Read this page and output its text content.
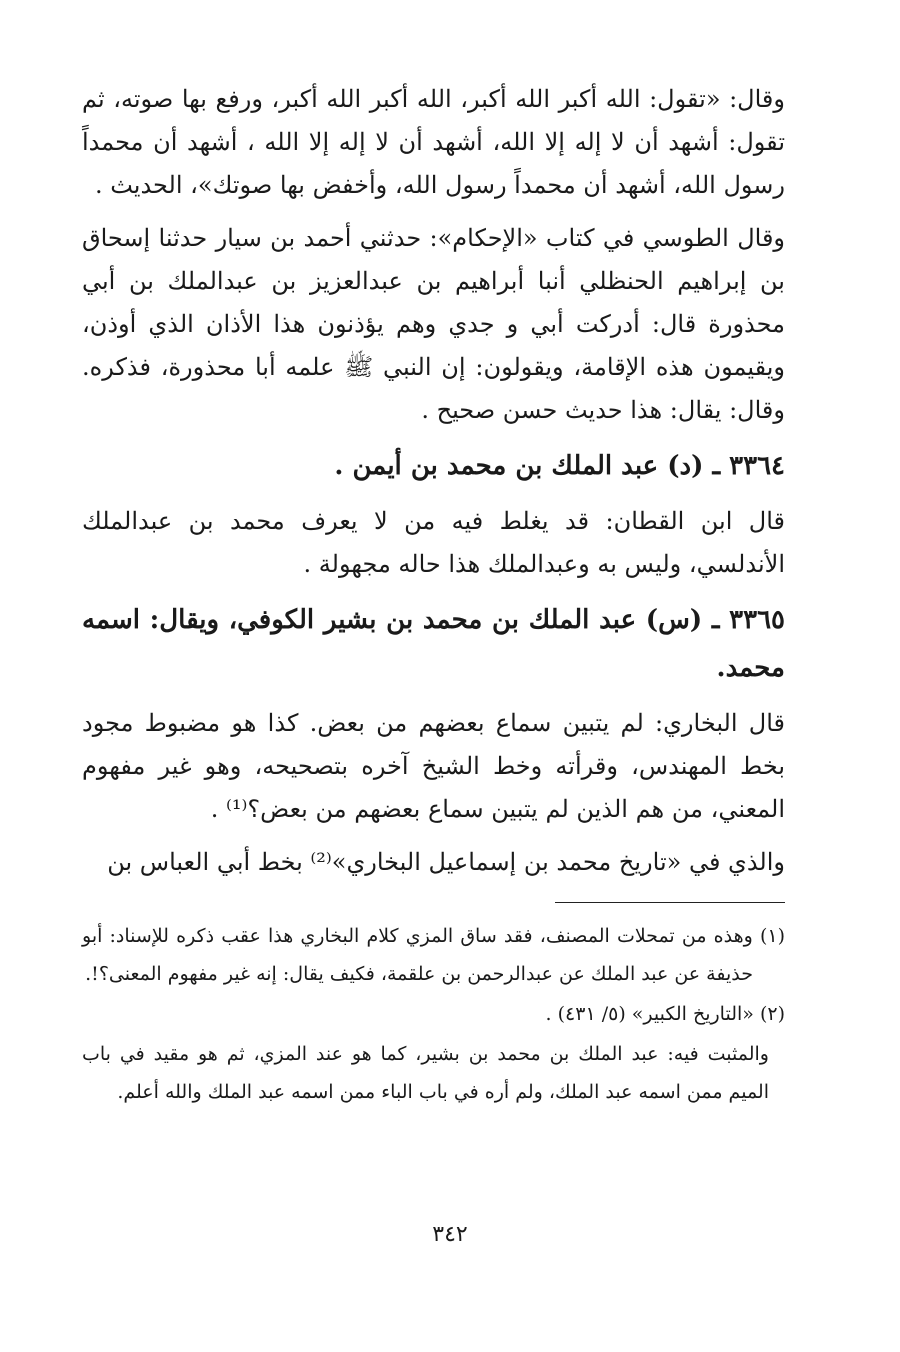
وقال: «تقول: الله أكبر الله أكبر، الله أكبر الله أكبر، ورفع بها صوته، ثم تقول: أشهد أن لا إله إلا الله، أشهد أن لا إله إلا الله ، أشهد أن محمداً رسول الله، أشهد أن محمداً رسول الله، وأخفض بها صوتك»، الحديث .

وقال الطوسي في كتاب «الإحكام»: حدثني أحمد بن سيار حدثنا إسحاق بن إبراهيم الحنظلي أنبا أبراهيم بن عبدالعزيز بن عبدالملك بن أبي محذورة قال: أدركت أبي و جدي وهم يؤذنون هذا الأذان الذي أوذن، ويقيمون هذه الإقامة، ويقولون: إن النبي ﷺ علمه أبا محذورة، فذكره. وقال: يقال: هذا حديث حسن صحيح .

٣٣٦٤ ـ (د) عبد الملك بن محمد بن أيمن .

قال ابن القطان: قد يغلط فيه من لا يعرف محمد بن عبدالملك الأندلسي، وليس به وعبدالملك هذا حاله مجهولة .

٣٣٦٥ ـ (س) عبد الملك بن محمد بن بشير الكوفي، ويقال: اسمه محمد.

قال البخاري: لم يتبين سماع بعضهم من بعض. كذا هو مضبوط مجود بخط المهندس، وقرأته وخط الشيخ آخره بتصحيحه، وهو غير مفهوم المعني، من هم الذين لم يتبين سماع بعضهم من بعض؟⁽¹⁾ .

والذي في «تاريخ محمد بن إسماعيل البخاري»⁽²⁾ بخط أبي العباس بن

(١) وهذه من تمحلات المصنف، فقد ساق المزي كلام البخاري هذا عقب ذكره للإسناد: أبو حذيفة عن عبد الملك عن عبدالرحمن بن علقمة، فكيف يقال: إنه غير مفهوم المعنى؟!.
(٢) «التاريخ الكبير» (٥/ ٤٣١) .

والمثبت فيه: عبد الملك بن محمد بن بشير، كما هو عند المزي، ثم هو مقيد في باب الميم ممن اسمه عبد الملك، ولم أره في باب الباء ممن اسمه عبد الملك والله أعلم.

٣٤٢
